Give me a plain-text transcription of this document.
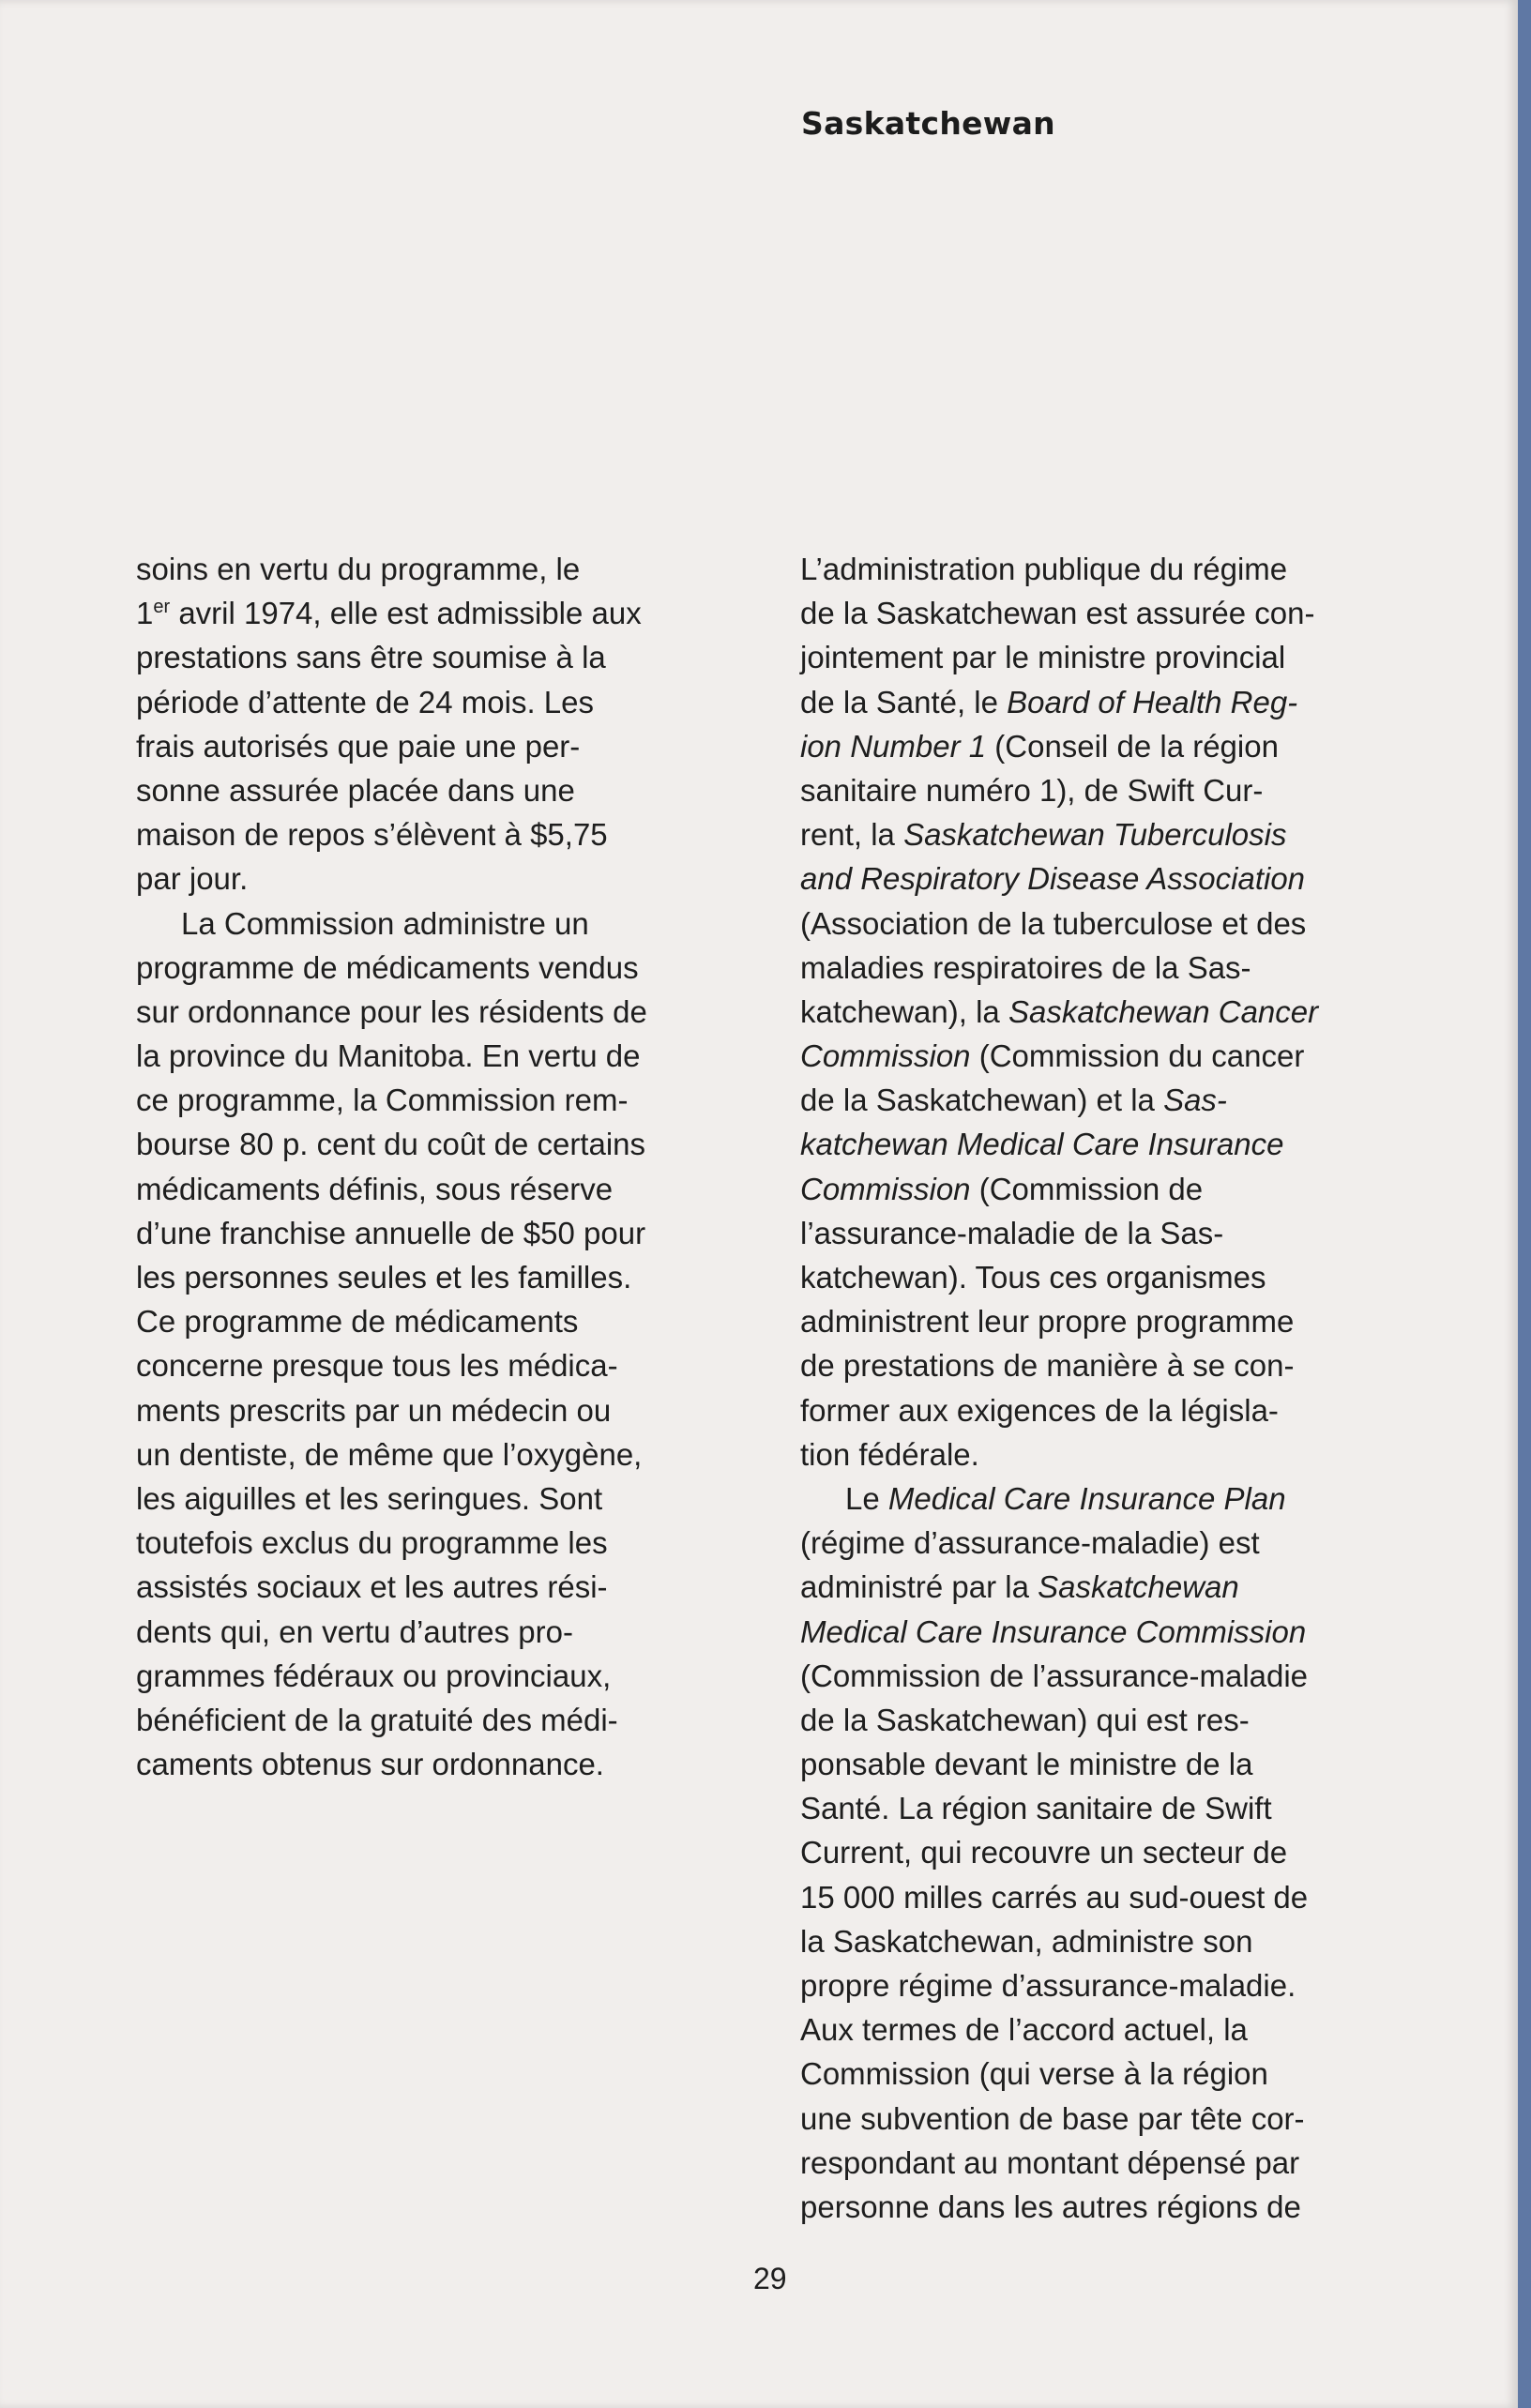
Saskatchewan
soins en vertu du programme, le
1er avril 1974, elle est admissible aux
prestations sans être soumise à la
période d’attente de 24 mois. Les
frais autorisés que paie une per-
sonne assurée placée dans une
maison de repos s’élèvent à $5,75
par jour.
La Commission administre un
programme de médicaments vendus
sur ordonnance pour les résidents de
la province du Manitoba. En vertu de
ce programme, la Commission rem-
bourse 80 p. cent du coût de certains
médicaments définis, sous réserve
d’une franchise annuelle de $50 pour
les personnes seules et les familles.
Ce programme de médicaments
concerne presque tous les médica-
ments prescrits par un médecin ou
un dentiste, de même que l’oxygène,
les aiguilles et les seringues. Sont
toutefois exclus du programme les
assistés sociaux et les autres rési-
dents qui, en vertu d’autres pro-
grammes fédéraux ou provinciaux,
bénéficient de la gratuité des médi-
caments obtenus sur ordonnance.
L’administration publique du régime
de la Saskatchewan est assurée con-
jointement par le ministre provincial
de la Santé, le Board of Health Reg-
ion Number 1 (Conseil de la région
sanitaire numéro 1), de Swift Cur-
rent, la Saskatchewan Tuberculosis
and Respiratory Disease Association
(Association de la tuberculose et des
maladies respiratoires de la Sas-
katchewan), la Saskatchewan Cancer
Commission (Commission du cancer
de la Saskatchewan) et la Sas-
katchewan Medical Care Insurance
Commission (Commission de
l’assurance-maladie de la Sas-
katchewan). Tous ces organismes
administrent leur propre programme
de prestations de manière à se con-
former aux exigences de la législa-
tion fédérale.
Le Medical Care Insurance Plan
(régime d’assurance-maladie) est
administré par la Saskatchewan
Medical Care Insurance Commission
(Commission de l’assurance-maladie
de la Saskatchewan) qui est res-
ponsable devant le ministre de la
Santé. La région sanitaire de Swift
Current, qui recouvre un secteur de
15 000 milles carrés au sud-ouest de
la Saskatchewan, administre son
propre régime d’assurance-maladie.
Aux termes de l’accord actuel, la
Commission (qui verse à la région
une subvention de base par tête cor-
respondant au montant dépensé par
personne dans les autres régions de
29
